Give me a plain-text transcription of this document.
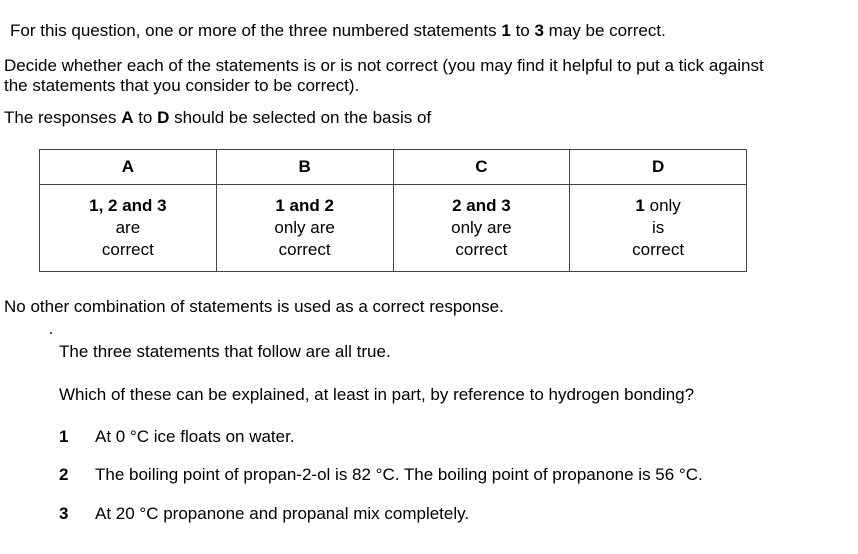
For this question, one or more of the three numbered statements 1 to 3 may be correct.
Decide whether each of the statements is or is not correct (you may find it helpful to put a tick against
the statements that you consider to be correct).
The responses A to D should be selected on the basis of
A	B	C	D
1, 2 and 3
are
correct	1 and 2
only are
correct	2 and 3
only are
correct	1 only
is
correct
No other combination of statements is used as a correct response.
The three statements that follow are all true.
Which of these can be explained, at least in part, by reference to hydrogen bonding?
1 At 0 °C ice floats on water.
2 The boiling point of propan-2-ol is 82 °C. The boiling point of propanone is 56 °C.
3 At 20 °C propanone and propanal mix completely.
